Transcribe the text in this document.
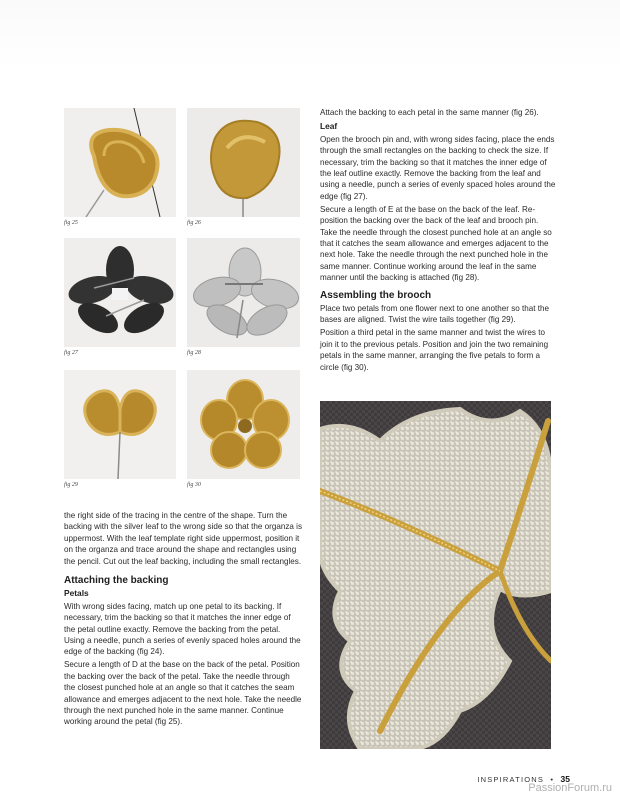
fig 25	fig 26
fig 27	fig 28
fig 29	fig 30

the right side of the tracing in the centre of the shape. Turn the backing with the silver leaf to the wrong side so that the organza is uppermost. With the leaf template right side uppermost, position it on the organza and trace around the shape and rectangles using the pencil. Cut out the leaf backing, including the small rectangles.

Attaching the backing
Petals

With wrong sides facing, match up one petal to its backing. If necessary, trim the backing so that it matches the inner edge of the petal outline exactly. Remove the backing from the petal. Using a needle, punch a series of evenly spaced holes around the edge of the backing (fig 24).

Secure a length of D at the base on the back of the petal. Position the backing over the back of the petal. Take the needle through the closest punched hole at an angle so that it catches the seam allowance and emerges adjacent to the next hole. Take the needle through the next punched hole in the same manner. Continue working around the petal (fig 25).

Attach the backing to each petal in the same manner (fig 26).

Leaf

Open the brooch pin and, with wrong sides facing, place the ends through the small rectangles on the backing to check the size. If necessary, trim the backing so that it matches the inner edge of the leaf outline exactly. Remove the backing from the leaf and using a needle, punch a series of evenly spaced holes around the edge (fig 27).

Secure a length of E at the base on the back of the leaf. Re-position the backing over the back of the leaf and brooch pin. Take the needle through the closest punched hole at an angle so that it catches the seam allowance and emerges adjacent to the next hole. Take the needle through the next punched hole in the same manner. Continue working around the leaf in the same manner until the backing is attached (fig 28).

Assembling the brooch

Place two petals from one flower next to one another so that the bases are aligned. Twist the wire tails together (fig 29).

Position a third petal in the same manner and twist the wires to join it to the previous petals. Position and join the two remaining petals in the same manner, arranging the five petals to form a circle (fig 30).

INSPIRATIONS • 35
PassionForum.ru
